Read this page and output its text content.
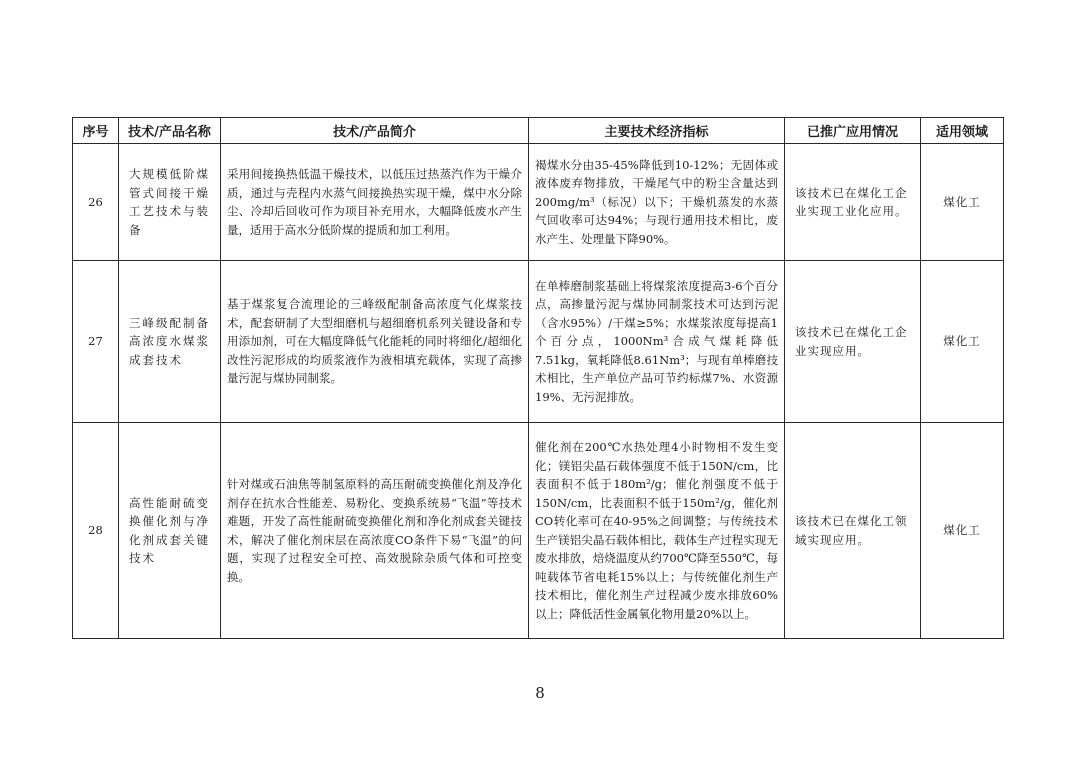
序号	技术/产品名称	技术/产品简介	主要技术经济指标	已推广应用情况	适用领域
26	大规模低阶煤管式间接干燥工艺技术与装备	采用间接换热低温干燥技术，以低压过热蒸汽作为干燥介质，通过与壳程内水蒸气间接换热实现干燥，煤中水分除尘、冷却后回收可作为项目补充用水，大幅降低废水产生量，适用于高水分低阶煤的提质和加工利用。	褐煤水分由35-45%降低到10-12%；无固体或液体废弃物排放，干燥尾气中的粉尘含量达到200mg/m³（标况）以下；干燥机蒸发的水蒸气回收率可达94%；与现行通用技术相比，废水产生、处理量下降90%。	该技术已在煤化工企业实现工业化应用。	煤化工
27	三峰级配制备高浓度水煤浆成套技术	基于煤浆复合流理论的三峰级配制备高浓度气化煤浆技术，配套研制了大型细磨机与超细磨机系列关键设备和专用添加剂，可在大幅度降低气化能耗的同时将细化/超细化改性污泥形成的均质浆液作为液相填充载体，实现了高掺量污泥与煤协同制浆。	在单棒磨制浆基础上将煤浆浓度提高3-6个百分点，高掺量污泥与煤协同制浆技术可达到污泥（含水95%）/干煤≥5%；水煤浆浓度每提高1个百分点，1000Nm³合成气煤耗降低7.51kg，氧耗降低8.61Nm³；与现有单棒磨技术相比，生产单位产品可节约标煤7%、水资源19%、无污泥排放。	该技术已在煤化工企业实现应用。	煤化工
28	高性能耐硫变换催化剂与净化剂成套关键技术	针对煤或石油焦等制氢原料的高压耐硫变换催化剂及净化剂存在抗水合性能差、易粉化、变换系统易“飞温”等技术难题，开发了高性能耐硫变换催化剂和净化剂成套关键技术，解决了催化剂床层在高浓度CO条件下易“飞温”的问题，实现了过程安全可控、高效脱除杂质气体和可控变换。	催化剂在200℃水热处理4小时物相不发生变化；镁铝尖晶石载体强度不低于150N/cm，比表面积不低于180m²/g；催化剂强度不低于150N/cm，比表面积不低于150m²/g，催化剂CO转化率可在40-95%之间调整；与传统技术生产镁铝尖晶石载体相比，载体生产过程实现无废水排放，焙烧温度从约700℃降至550℃，每吨载体节省电耗15%以上；与传统催化剂生产技术相比，催化剂生产过程减少废水排放60%以上；降低活性金属氧化物用量20%以上。	该技术已在煤化工领域实现应用。	煤化工
8
